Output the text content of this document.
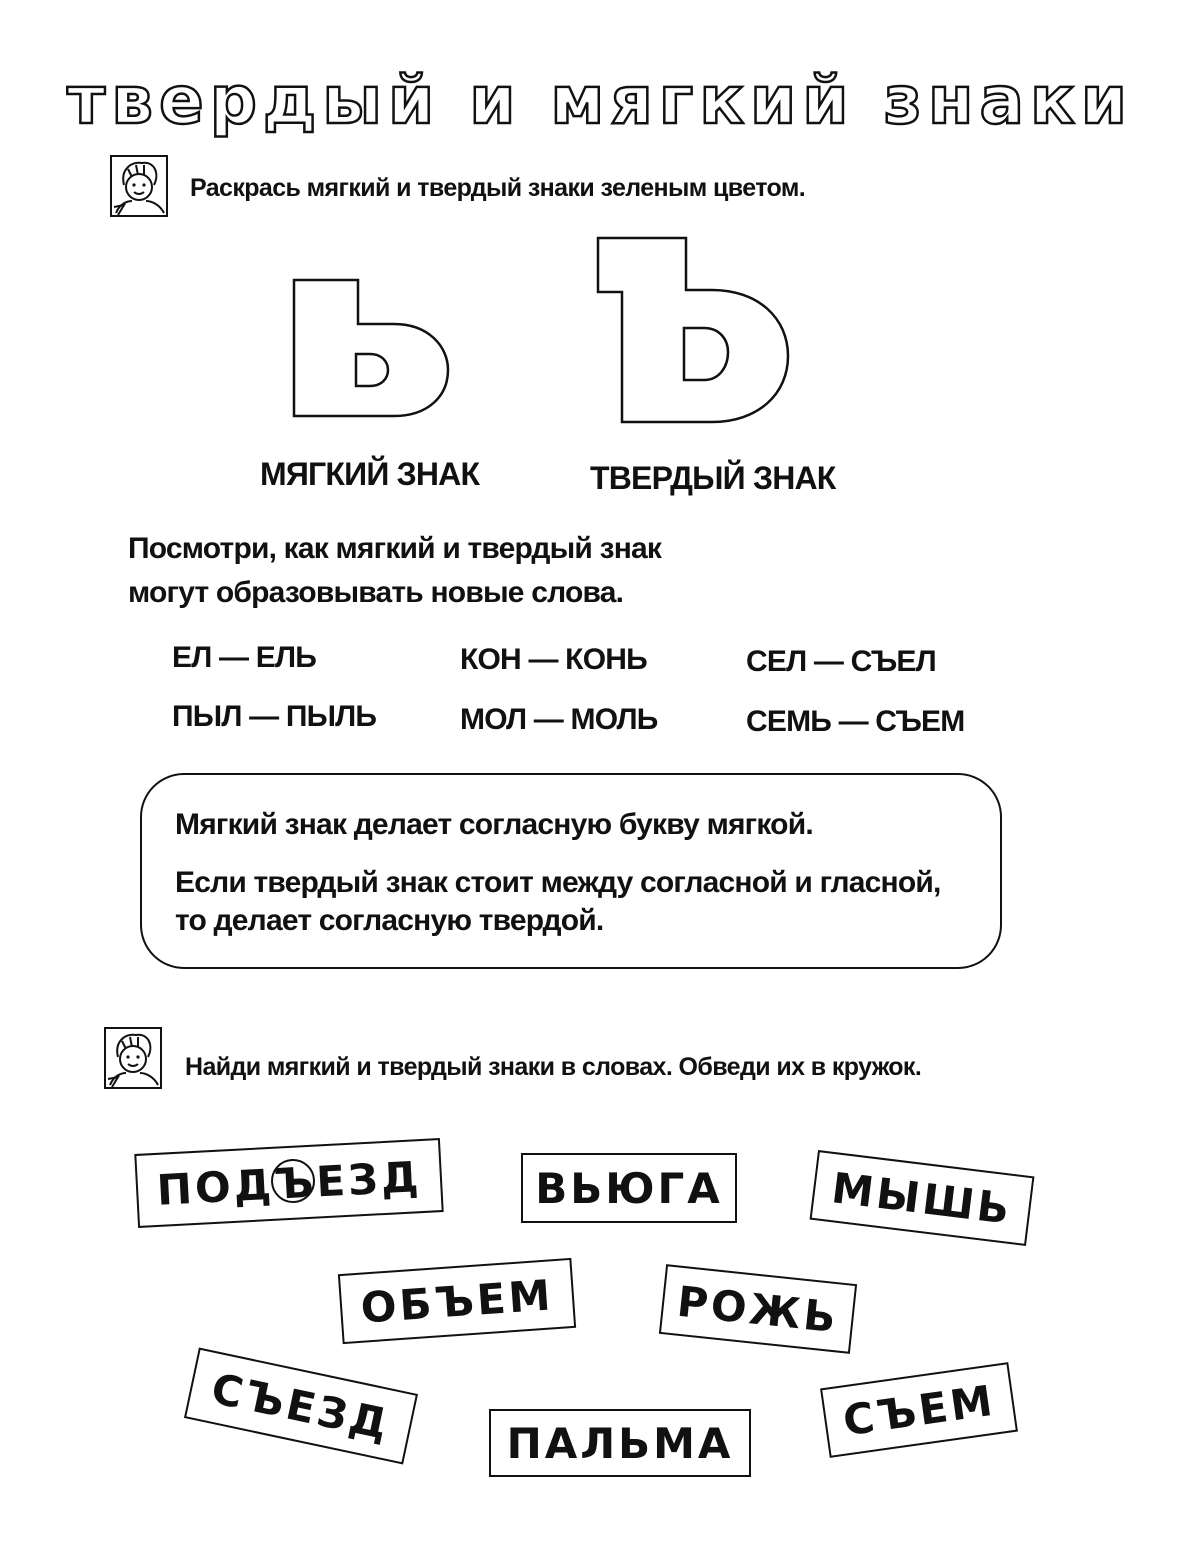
твердый и мягкий знаки
Раскрась мягкий и твердый знаки зеленым цветом.
МЯГКИЙ ЗНАК	ТВЕРДЫЙ ЗНАК
Посмотри, как мягкий и твердый знак
могут образовывать новые слова.
ЕЛ — ЕЛЬ	КОН — КОНЬ	СЕЛ — СЪЕЛ
ПЫЛ — ПЫЛЬ	МОЛ — МОЛЬ	СЕМЬ — СЪЕМ
Мягкий знак делает согласную букву мягкой.
Если твердый знак стоит между согласной и гласной,
то делает согласную твердой.
Найди мягкий и твердый знаки в словах. Обведи их в кружок.
ПОДЪЕЗД	ВЬЮГА	МЫШЬ
ОБЪЕМ	РОЖЬ
СЪЕЗД	ПАЛЬМА	СЪЕМ
